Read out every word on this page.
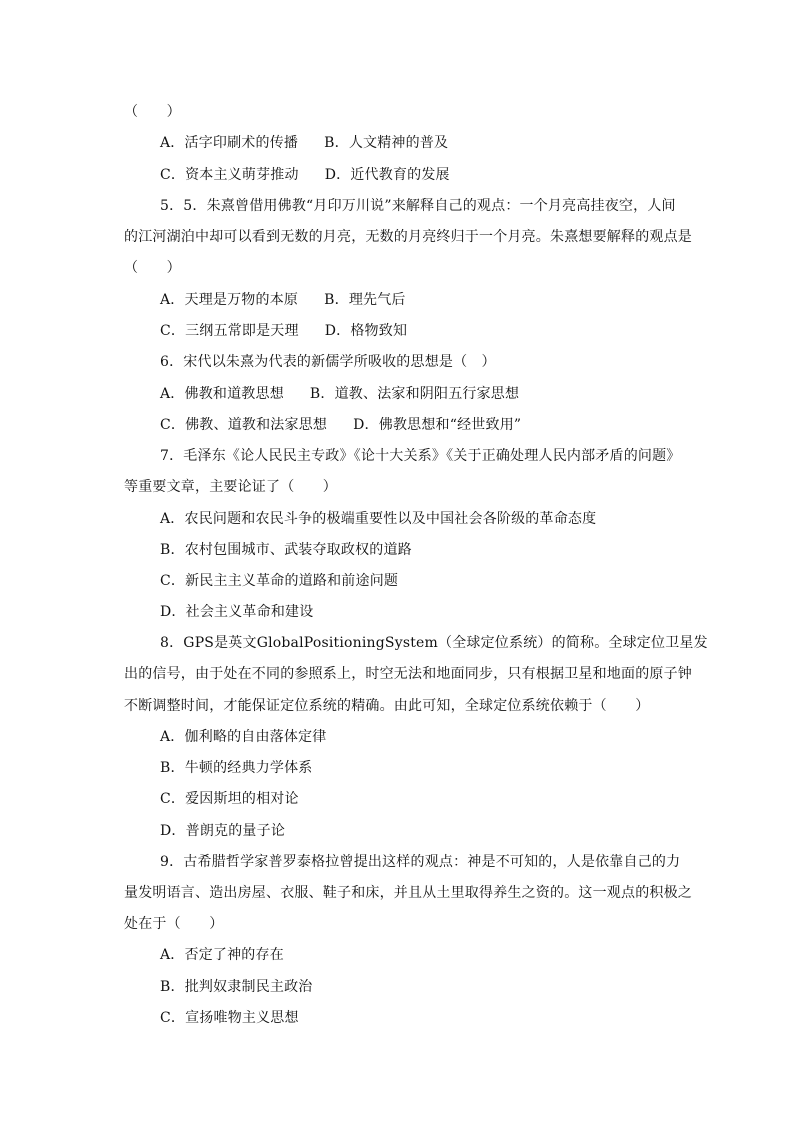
（　　）
A．活字印刷术的传播 B．人文精神的普及
C．资本主义萌芽推动 D．近代教育的发展
5．5．朱熹曾借用佛教“月印万川说”来解释自己的观点：一个月亮高挂夜空，人间
的江河湖泊中却可以看到无数的月亮，无数的月亮终归于一个月亮。朱熹想要解释的观点是
（　　）
A．天理是万物的本原 B．理先气后
C．三纲五常即是天理 D．格物致知
6．宋代以朱熹为代表的新儒学所吸收的思想是（　）
A．佛教和道教思想 B．道教、法家和阴阳五行家思想
C．佛教、道教和法家思想 D．佛教思想和“经世致用”
7．毛泽东《论人民民主专政》《论十大关系》《关于正确处理人民内部矛盾的问题》
等重要文章，主要论证了（　　）
A．农民问题和农民斗争的极端重要性以及中国社会各阶级的革命态度
B．农村包围城市、武装夺取政权的道路
C．新民主主义革命的道路和前途问题
D．社会主义革命和建设
8．GPS是英文GlobalPositioningSystem（全球定位系统）的简称。全球定位卫星发
出的信号，由于处在不同的参照系上，时空无法和地面同步，只有根据卫星和地面的原子钟
不断调整时间，才能保证定位系统的精确。由此可知，全球定位系统依赖于（　　）
A．伽利略的自由落体定律
B．牛顿的经典力学体系
C．爱因斯坦的相对论
D．普朗克的量子论
9．古希腊哲学家普罗泰格拉曾提出这样的观点：神是不可知的，人是依靠自己的力
量发明语言、造出房屋、衣服、鞋子和床，并且从土里取得养生之资的。这一观点的积极之
处在于（　　）
A．否定了神的存在
B．批判奴隶制民主政治
C．宣扬唯物主义思想
